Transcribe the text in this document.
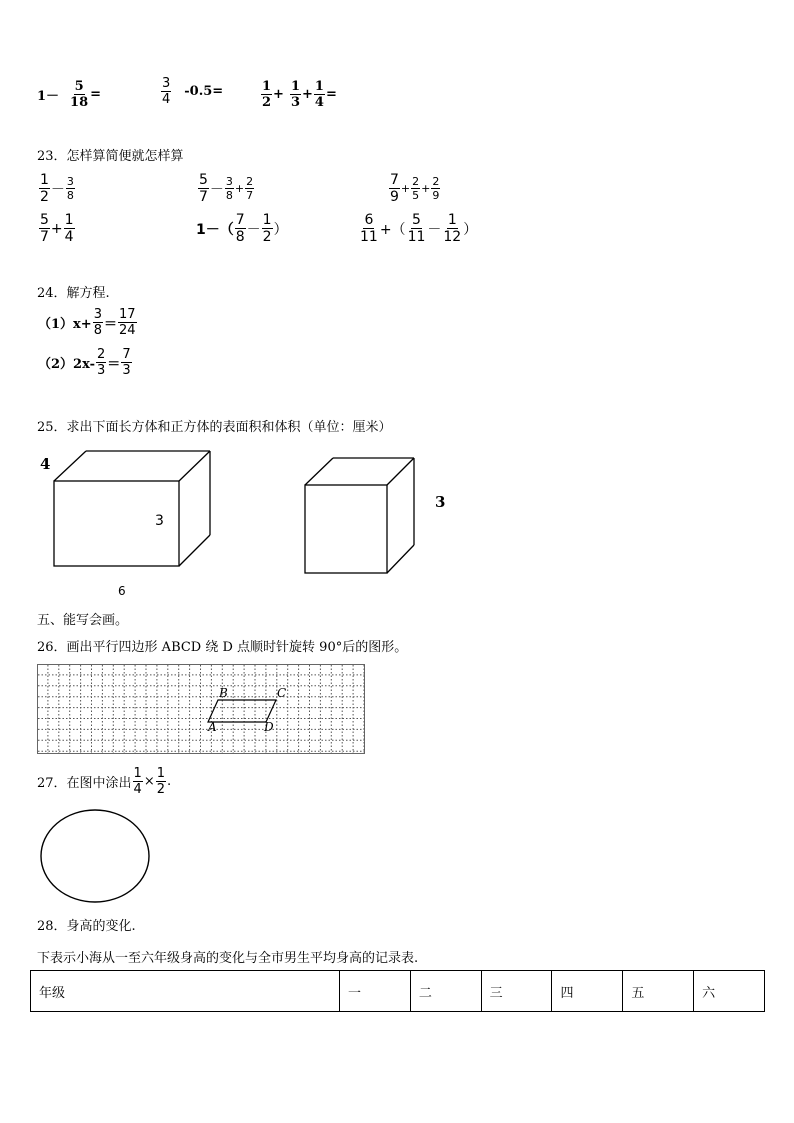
$1- \frac{5}{18}$ =	$\frac{3}{4} -0.5=$	$\frac{1}{2} + \frac{1}{3} + \frac{1}{4}$ =
23．怎样算简便就怎样算
$\frac{1}{2} - \frac{3}{8}$	$\frac{5}{7} - \frac{3}{8} + \frac{2}{7}$	$\frac{7}{9} + \frac{2}{5} + \frac{2}{9}$
$\frac{5}{7} + \frac{1}{4}$	$1-( \frac{7}{8} - \frac{1}{2}$ ）	$\frac{6}{11}$ +（ $\frac{5}{11} - \frac{1}{12}$ ）
24．解方程.
$(1)x+ \frac{3}{8} = \frac{17}{24}$
$(2)2x- \frac{2}{3} = \frac{7}{3}$
25．求出下面长方体和正方体的表面积和体积（单位：厘米）
4
3
6
3
五、能写会画。
26．画出平行四边形 ABCD 绕 D 点顺时针旋转 90°后的图形。
B	C
A	D
27．在图中涂出 $\frac{1}{4} \times \frac{1}{2}$ .
28．身高的变化.
下表示小海从一至六年级身高的变化与全市男生平均身高的记录表.
年级	一	二	三	四	五	六
